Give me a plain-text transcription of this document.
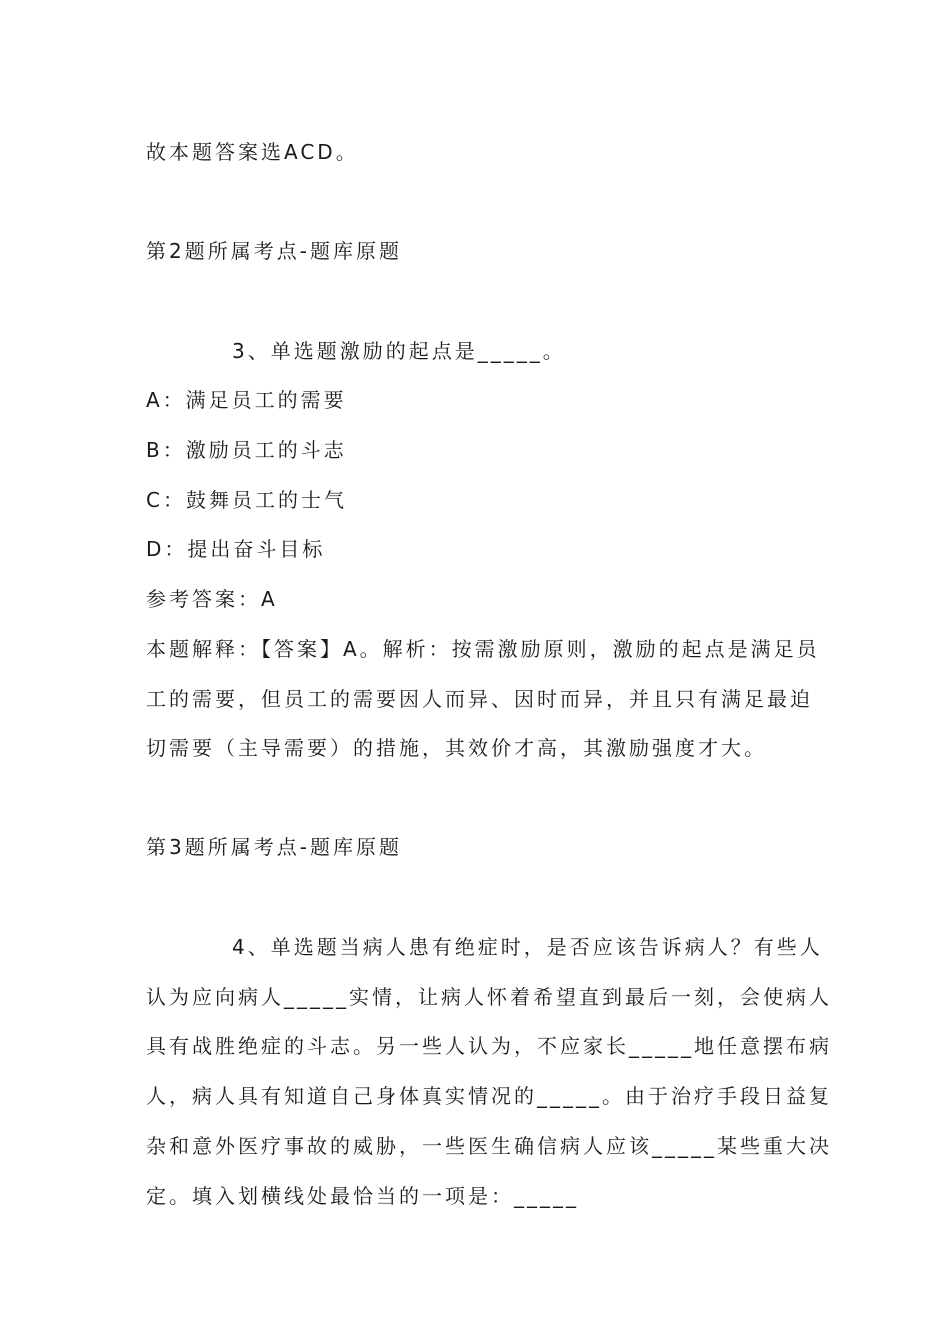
故本题答案选ACD。
第2题所属考点-题库原题
3、单选题激励的起点是_____。
A：满足员工的需要
B：激励员工的斗志
C：鼓舞员工的士气
D：提出奋斗目标
参考答案：A
本题解释：【答案】A。解析：按需激励原则，激励的起点是满足员
工的需要，但员工的需要因人而异、因时而异，并且只有满足最迫
切需要（主导需要）的措施，其效价才高，其激励强度才大。
第3题所属考点-题库原题
4、单选题当病人患有绝症时，是否应该告诉病人？有些人
认为应向病人_____实情，让病人怀着希望直到最后一刻，会使病人
具有战胜绝症的斗志。另一些人认为，不应家长_____地任意摆布病
人，病人具有知道自己身体真实情况的_____。由于治疗手段日益复
杂和意外医疗事故的威胁，一些医生确信病人应该_____某些重大决
定。填入划横线处最恰当的一项是：_____
